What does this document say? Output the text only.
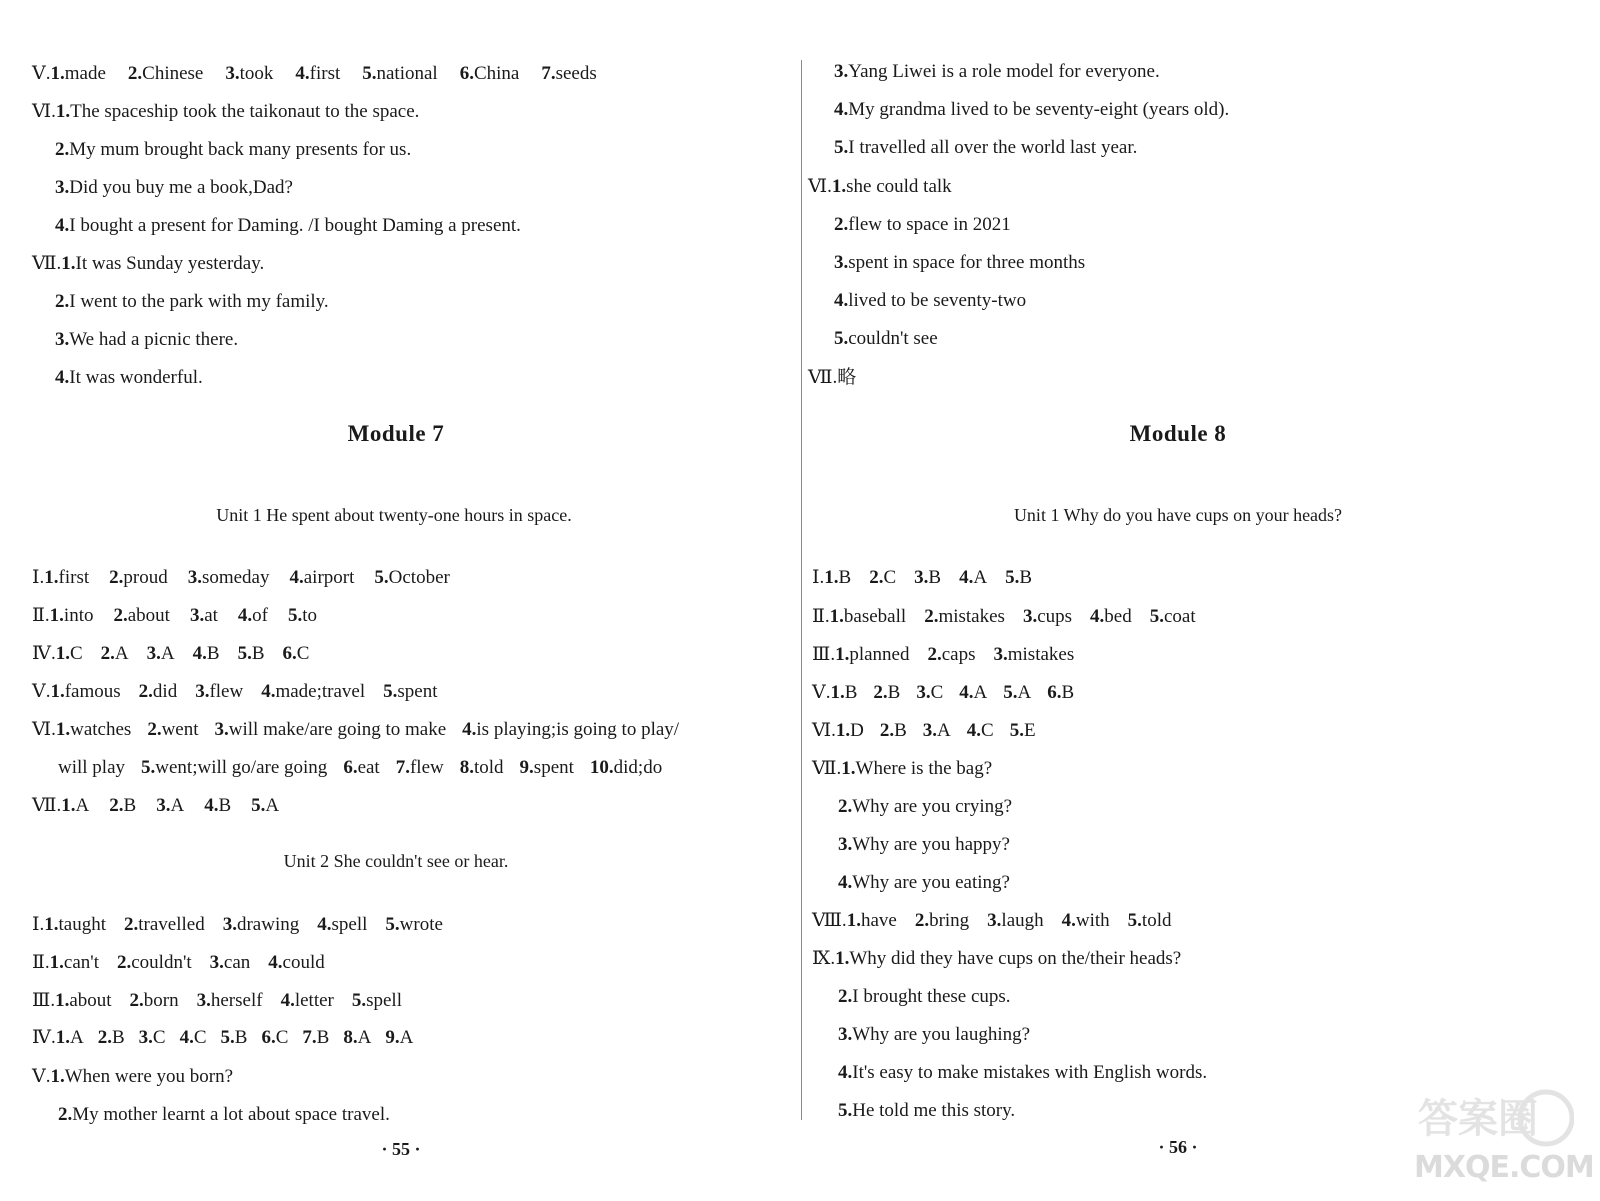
Ⅴ.1.made 2.Chinese 3.took 4.first 5.national 6.China 7.seeds
Ⅵ.1.The spaceship took the taikonaut to the space.
2.My mum brought back many presents for us.
3.Did you buy me a book,Dad?
4.I bought a present for Daming. /I bought Daming a present.
Ⅶ.1.It was Sunday yesterday.
2.I went to the park with my family.
3.We had a picnic there.
4.It was wonderful.
Module 7
Unit 1 He spent about twenty-one hours in space.
Ⅰ.1.first 2.proud 3.someday 4.airport 5.October
Ⅱ.1.into 2.about 3.at 4.of 5.to
Ⅳ.1.C 2.A 3.A 4.B 5.B 6.C
Ⅴ.1.famous 2.did 3.flew 4.made;travel 5.spent
Ⅵ.1.watches 2.went 3.will make/are going to make 4.is playing;is going to play/
will play 5.went;will go/are going 6.eat 7.flew 8.told 9.spent 10.did;do
Ⅶ.1.A 2.B 3.A 4.B 5.A
Unit 2 She couldn't see or hear.
Ⅰ.1.taught 2.travelled 3.drawing 4.spell 5.wrote
Ⅱ.1.can't 2.couldn't 3.can 4.could
Ⅲ.1.about 2.born 3.herself 4.letter 5.spell
Ⅳ.1.A 2.B 3.C 4.C 5.B 6.C 7.B 8.A 9.A
Ⅴ.1.When were you born?
2.My mother learnt a lot about space travel.
· 55 ·
3.Yang Liwei is a role model for everyone.
4.My grandma lived to be seventy-eight (years old).
5.I travelled all over the world last year.
Ⅵ.1.she could talk
2.flew to space in 2021
3.spent in space for three months
4.lived to be seventy-two
5.couldn't see
Ⅶ.略
Module 8
Unit 1 Why do you have cups on your heads?
Ⅰ.1.B 2.C 3.B 4.A 5.B
Ⅱ.1.baseball 2.mistakes 3.cups 4.bed 5.coat
Ⅲ.1.planned 2.caps 3.mistakes
Ⅴ.1.B 2.B 3.C 4.A 5.A 6.B
Ⅵ.1.D 2.B 3.A 4.C 5.E
Ⅶ.1.Where is the bag?
2.Why are you crying?
3.Why are you happy?
4.Why are you eating?
Ⅷ.1.have 2.bring 3.laugh 4.with 5.told
Ⅸ.1.Why did they have cups on the/their heads?
2.I brought these cups.
3.Why are you laughing?
4.It's easy to make mistakes with English words.
5.He told me this story.
· 56 ·
答案圈
MXQE.COM
